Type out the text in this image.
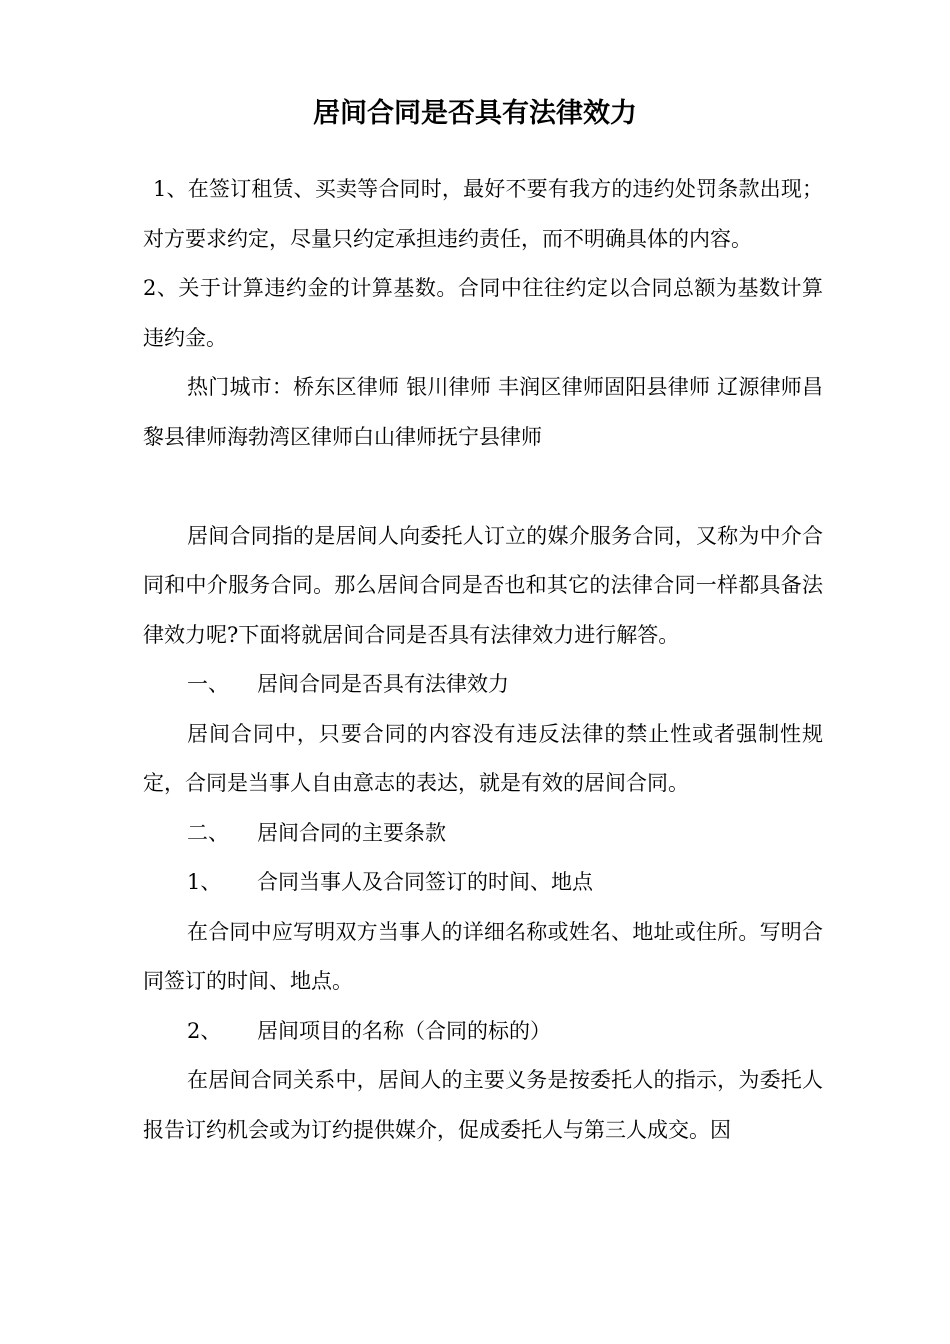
居间合同是否具有法律效力

1、在签订租赁、买卖等合同时，最好不要有我方的违约处罚条款出现；对方要求约定，尽量只约定承担违约责任，而不明确具体的内容。

2、关于计算违约金的计算基数。合同中往往约定以合同总额为基数计算违约金。

热门城市：桥东区律师 银川律师 丰润区律师固阳县律师 辽源律师昌黎县律师海勃湾区律师白山律师抚宁县律师

居间合同指的是居间人向委托人订立的媒介服务合同，又称为中介合同和中介服务合同。那么居间合同是否也和其它的法律合同一样都具备法律效力呢?下面将就居间合同是否具有法律效力进行解答。

一、 居间合同是否具有法律效力

居间合同中，只要合同的内容没有违反法律的禁止性或者强制性规定，合同是当事人自由意志的表达，就是有效的居间合同。

二、 居间合同的主要条款

1、 合同当事人及合同签订的时间、地点

在合同中应写明双方当事人的详细名称或姓名、地址或住所。写明合同签订的时间、地点。

2、 居间项目的名称（合同的标的）

在居间合同关系中，居间人的主要义务是按委托人的指示，为委托人报告订约机会或为订约提供媒介，促成委托人与第三人成交。因
